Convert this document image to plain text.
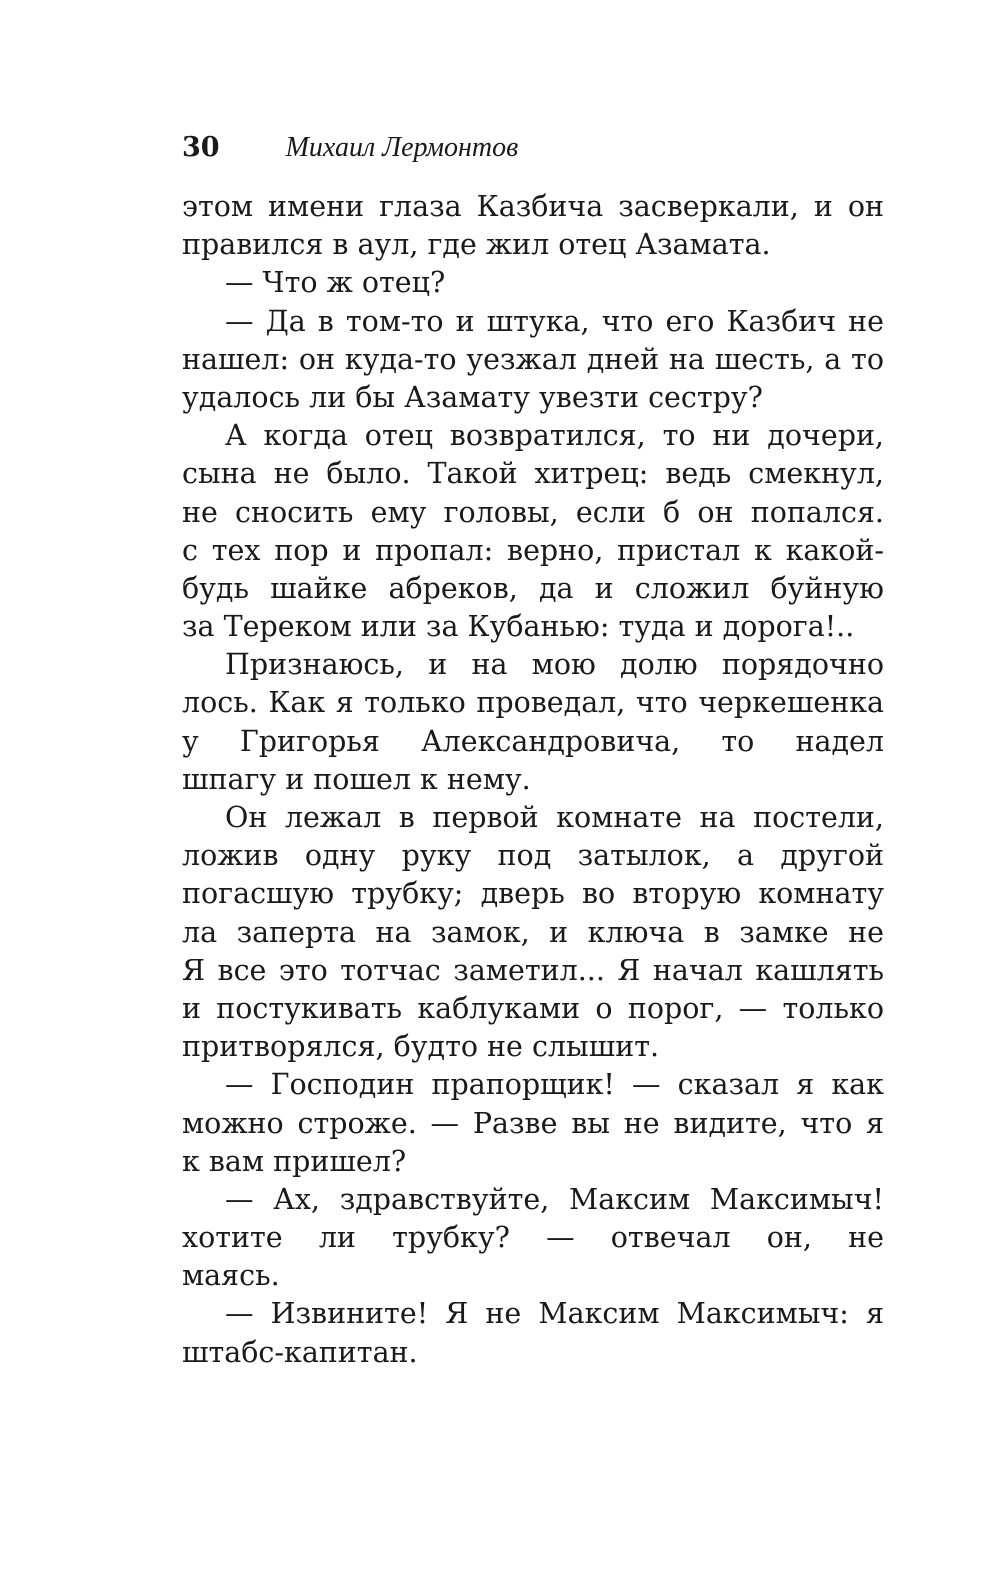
30 Михаил Лермонтов
этом имени глаза Казбича засверкали, и он
правился в аул, где жил отец Азамата.
— Что ж отец?
— Да в том-то и штука, что его Казбич не
нашел: он куда-то уезжал дней на шесть, а то
удалось ли бы Азамату увезти сестру?
А когда отец возвратился, то ни дочери,
сына не было. Такой хитрец: ведь смекнул,
не сносить ему головы, если б он попался.
с тех пор и пропал: верно, пристал к какой-
будь шайке абреков, да и сложил буйную
за Тереком или за Кубанью: туда и дорога!..
Признаюсь, и на мою долю порядочно
лось. Как я только проведал, что черкешенка
у Григорья Александровича, то надел
шпагу и пошел к нему.
Он лежал в первой комнате на постели,
ложив одну руку под затылок, а другой
погасшую трубку; дверь во вторую комнату
ла заперта на замок, и ключа в замке не
Я все это тотчас заметил... Я начал кашлять
и постукивать каблуками о порог, — только
притворялся, будто не слышит.
— Господин прапорщик! — сказал я как
можно строже. — Разве вы не видите, что я
к вам пришел?
— Ах, здравствуйте, Максим Максимыч!
хотите ли трубку? — отвечал он, не
маясь.
— Извините! Я не Максим Максимыч: я
штабс-капитан.
